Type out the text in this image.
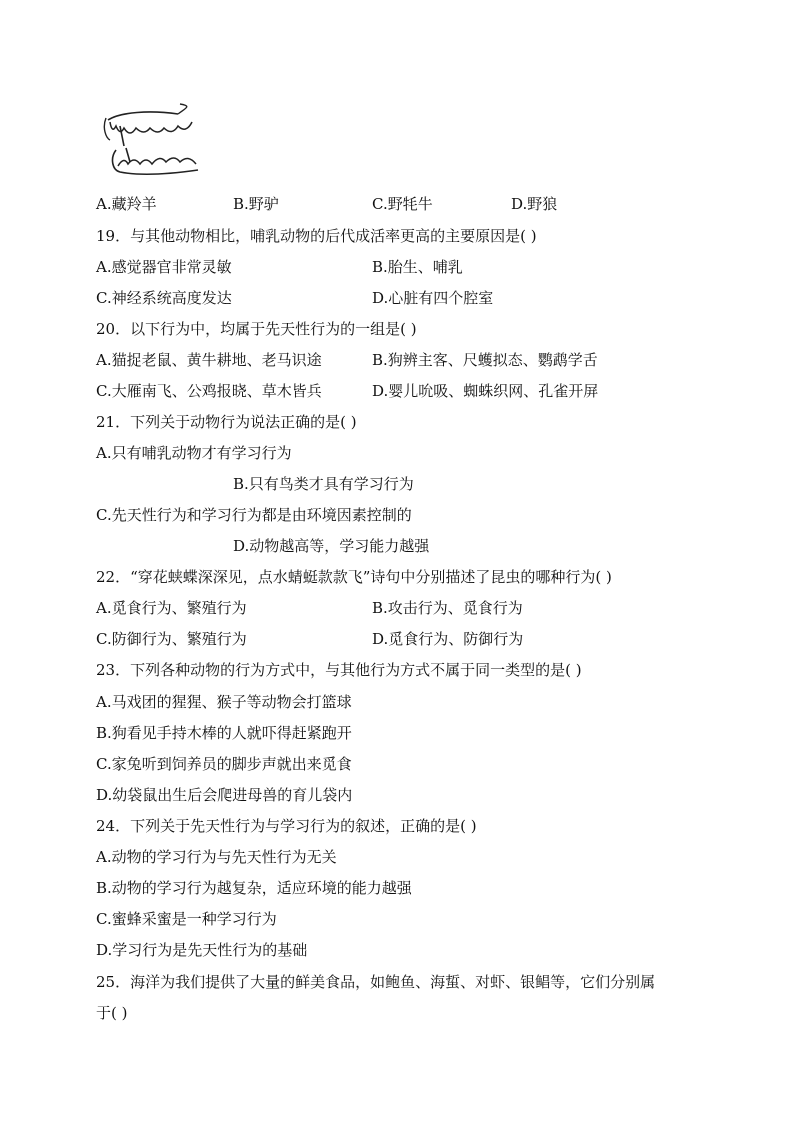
A.藏羚羊	B.野驴	C.野牦牛	D.野狼
19．与其他动物相比，哺乳动物的后代成活率更高的主要原因是( )
A.感觉器官非常灵敏	B.胎生、哺乳
C.神经系统高度发达	D.心脏有四个腔室
20．以下行为中，均属于先天性行为的一组是( )
A.猫捉老鼠、黄牛耕地、老马识途	B.狗辨主客、尺蠖拟态、鹦鹉学舌
C.大雁南飞、公鸡报晓、草木皆兵	D.婴儿吮吸、蜘蛛织网、孔雀开屏
21．下列关于动物行为说法正确的是( )
A.只有哺乳动物才有学习行为
B.只有鸟类才具有学习行为
C.先天性行为和学习行为都是由环境因素控制的
D.动物越高等，学习能力越强
22．“穿花蛱蝶深深见，点水蜻蜓款款飞”诗句中分别描述了昆虫的哪种行为( )
A.觅食行为、繁殖行为	B.攻击行为、觅食行为
C.防御行为、繁殖行为	D.觅食行为、防御行为
23．下列各种动物的行为方式中，与其他行为方式不属于同一类型的是( )
A.马戏团的猩猩、猴子等动物会打篮球
B.狗看见手持木棒的人就吓得赶紧跑开
C.家兔听到饲养员的脚步声就出来觅食
D.幼袋鼠出生后会爬进母兽的育儿袋内
24．下列关于先天性行为与学习行为的叙述，正确的是( )
A.动物的学习行为与先天性行为无关
B.动物的学习行为越复杂，适应环境的能力越强
C.蜜蜂采蜜是一种学习行为
D.学习行为是先天性行为的基础
25．海洋为我们提供了大量的鲜美食品，如鲍鱼、海蜇、对虾、银鲳等，它们分别属
于( )
